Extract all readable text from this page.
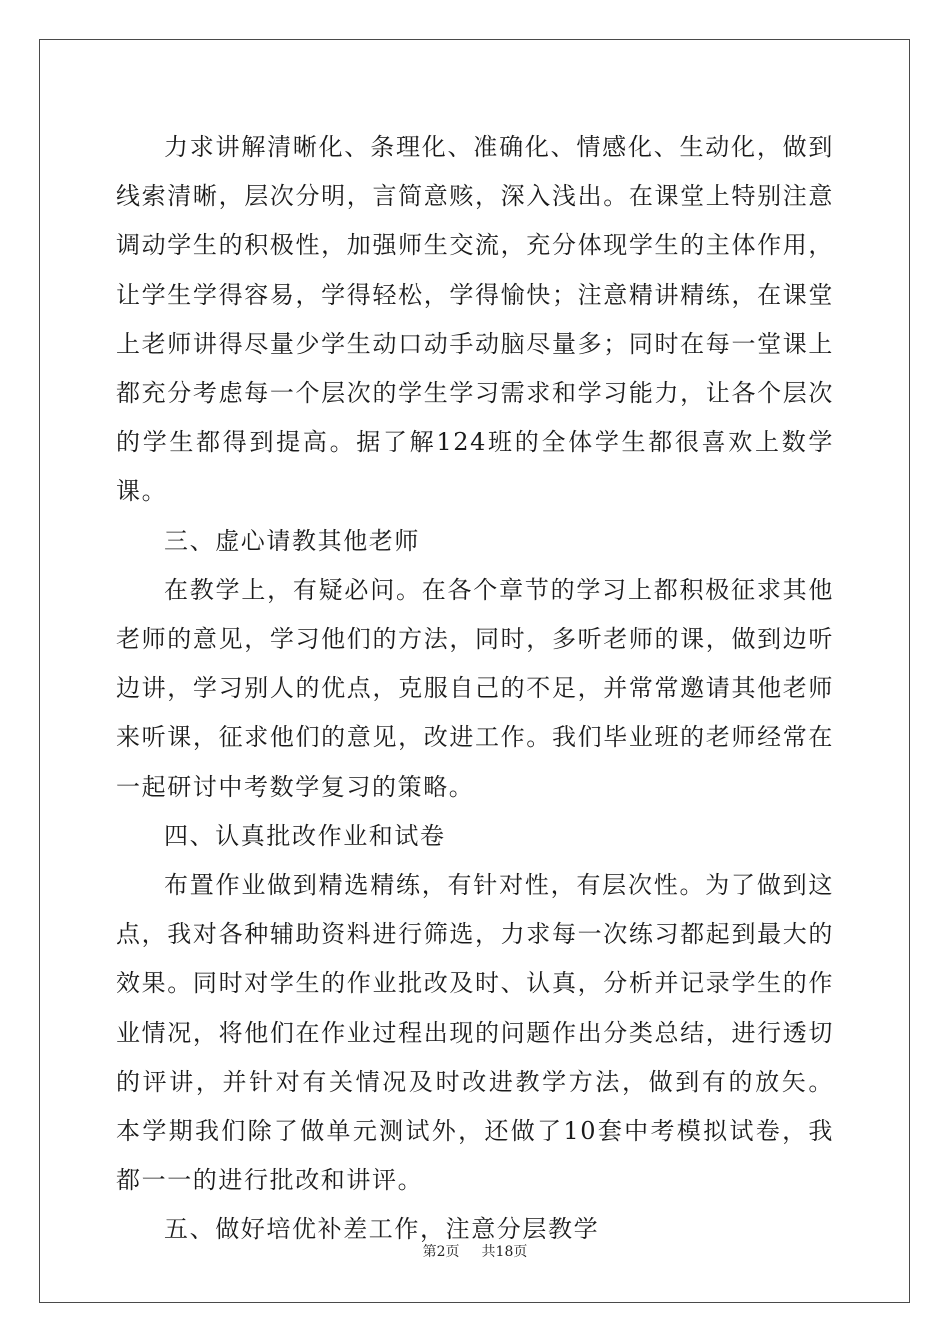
力求讲解清晰化、条理化、准确化、情感化、生动化，做到线索清晰，层次分明，言简意赅，深入浅出。在课堂上特别注意调动学生的积极性，加强师生交流，充分体现学生的主体作用，让学生学得容易，学得轻松，学得愉快；注意精讲精练，在课堂上老师讲得尽量少学生动口动手动脑尽量多；同时在每一堂课上都充分考虑每一个层次的学生学习需求和学习能力，让各个层次的学生都得到提高。据了解124班的全体学生都很喜欢上数学课。

三、虚心请教其他老师

在教学上，有疑必问。在各个章节的学习上都积极征求其他老师的意见，学习他们的方法，同时，多听老师的课，做到边听边讲，学习别人的优点，克服自己的不足，并常常邀请其他老师来听课，征求他们的意见，改进工作。我们毕业班的老师经常在一起研讨中考数学复习的策略。

四、认真批改作业和试卷

布置作业做到精选精练，有针对性，有层次性。为了做到这点，我对各种辅助资料进行筛选，力求每一次练习都起到最大的效果。同时对学生的作业批改及时、认真，分析并记录学生的作业情况，将他们在作业过程出现的问题作出分类总结，进行透切的评讲，并针对有关情况及时改进教学方法，做到有的放矢。 本学期我们除了做单元测试外，还做了10套中考模拟试卷，我都一一的进行批改和讲评。

五、做好培优补差工作，注意分层教学

第2页 共18页
